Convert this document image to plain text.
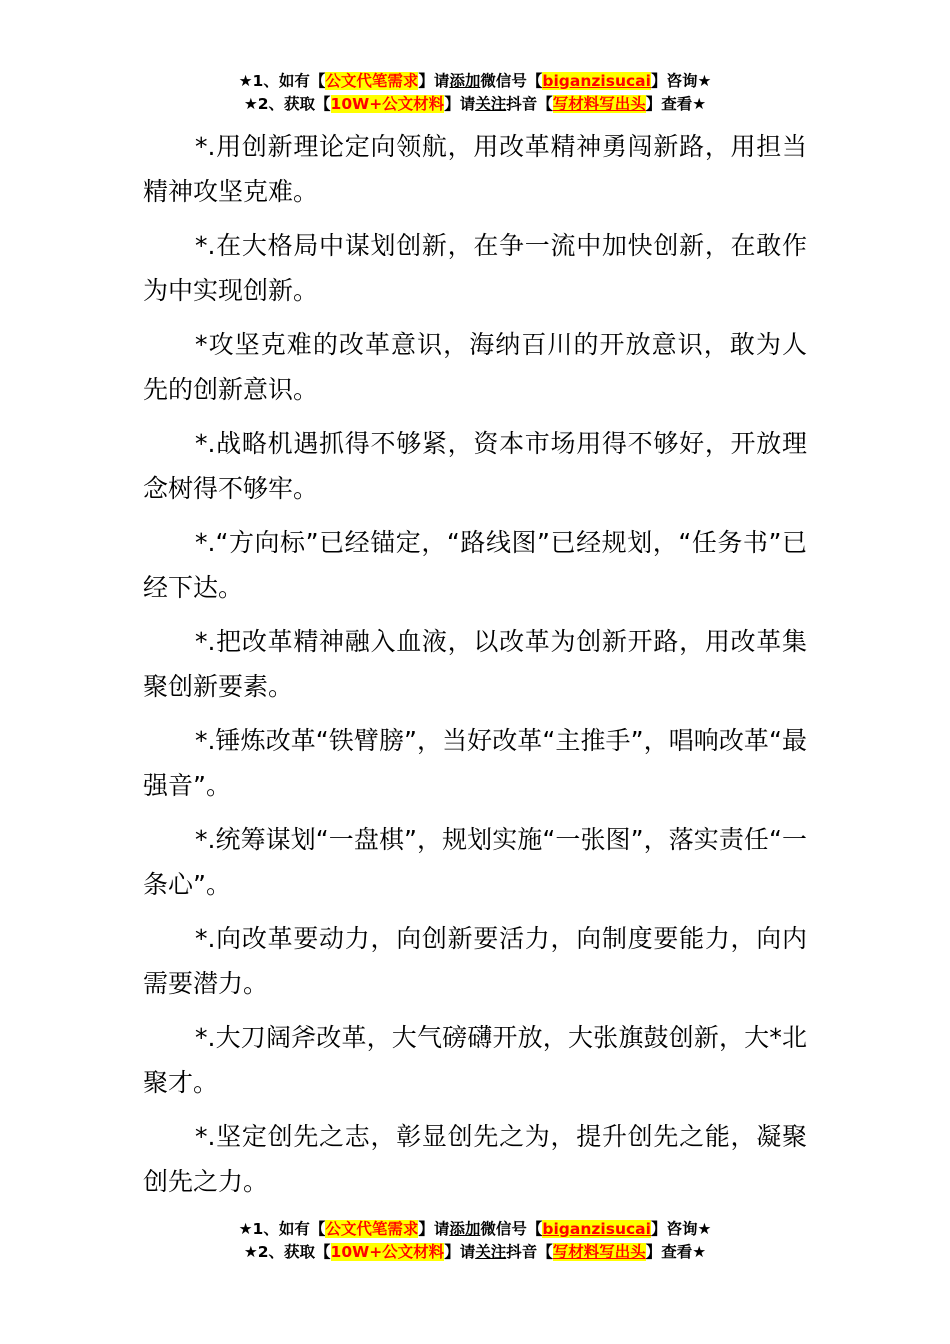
★1、如有【公文代笔需求】请添加微信号【biganzisucai】咨询★
★2、获取【10W+公文材料】请关注抖音【写材料写出头】查看★

*.用创新理论定向领航，用改革精神勇闯新路，用担当精神攻坚克难。

*.在大格局中谋划创新，在争一流中加快创新，在敢作为中实现创新。

*攻坚克难的改革意识，海纳百川的开放意识，敢为人先的创新意识。

*.战略机遇抓得不够紧，资本市场用得不够好，开放理念树得不够牢。

*.“方向标”已经锚定，“路线图”已经规划，“任务书”已经下达。

*.把改革精神融入血液，以改革为创新开路，用改革集聚创新要素。

*.锤炼改革“铁臂膀”，当好改革“主推手”，唱响改革“最强音”。

*.统筹谋划“一盘棋”，规划实施“一张图”，落实责任“一条心”。

*.向改革要动力，向创新要活力，向制度要能力，向内需要潜力。

*.大刀阔斧改革，大气磅礴开放，大张旗鼓创新，大*北聚才。

*.坚定创先之志，彰显创先之为，提升创先之能，凝聚创先之力。

★1、如有【公文代笔需求】请添加微信号【biganzisucai】咨询★
★2、获取【10W+公文材料】请关注抖音【写材料写出头】查看★
